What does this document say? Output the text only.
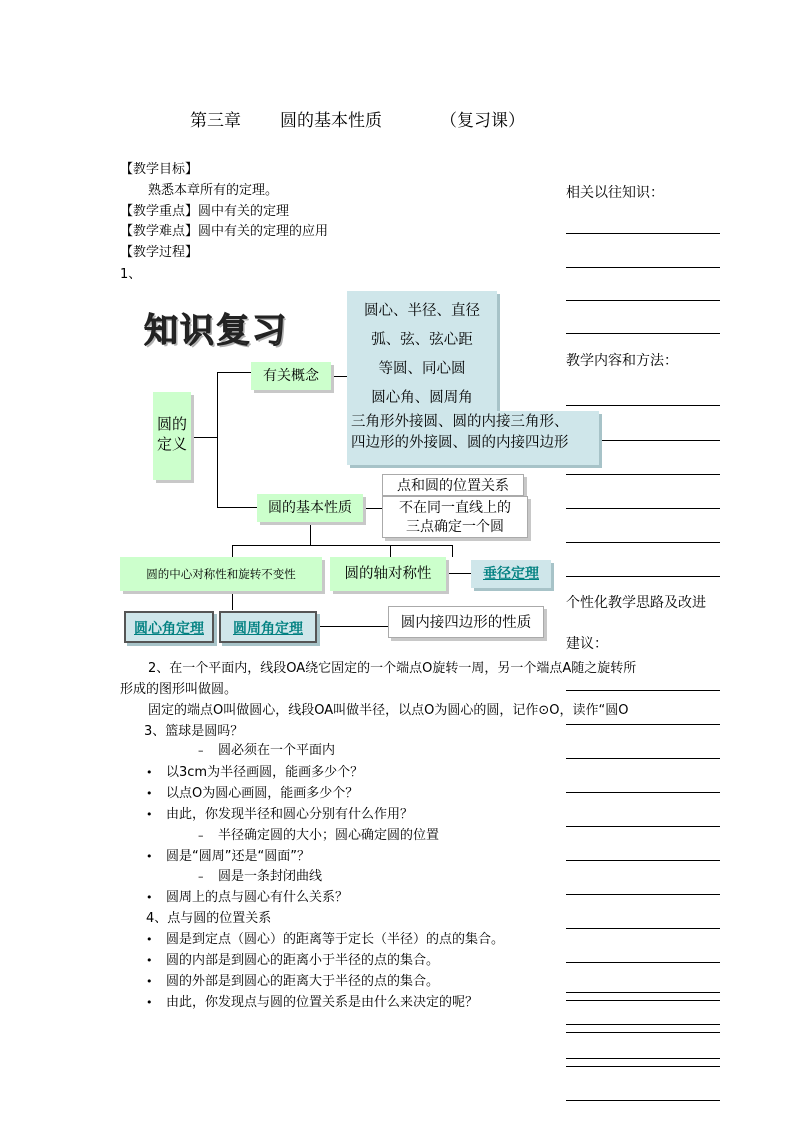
第三章 圆的基本性质	（复习课）
【教学目标】
熟悉本章所有的定理。
【教学重点】圆中有关的定理
【教学难点】圆中有关的定理的应用
【教学过程】
1、
相关以往知识：
教学内容和方法：
个性化教学思路及改进
建议：
知识复习
圆的
定义
有关概念
圆心、半径、直径
弧、弦、弦心距
等圆、同心圆
圆心角、圆周角
三角形外接圆、圆的内接三角形、
四边形的外接圆、圆的内接四边形
圆的基本性质
点和圆的位置关系
不在同一直线上的
三点确定一个圆
圆的中心对称性和旋转不变性	圆的轴对称性	垂径定理
圆心角定理	圆周角定理	圆内接四边形的性质
2、在一个平面内，线段OA绕它固定的一个端点O旋转一周，另一个端点A随之旋转所
形成的图形叫做圆。
固定的端点O叫做圆心，线段OA叫做半径，以点O为圆心的圆，记作⊙O，读作“圆O
3、篮球是圆吗？
– 圆必须在一个平面内
• 以3cm为半径画圆，能画多少个？
• 以点O为圆心画圆，能画多少个？
• 由此，你发现半径和圆心分别有什么作用？
– 半径确定圆的大小；圆心确定圆的位置
• 圆是“圆周”还是“圆面”？
– 圆是一条封闭曲线
• 圆周上的点与圆心有什么关系？
4、点与圆的位置关系
• 圆是到定点（圆心）的距离等于定长（半径）的点的集合。
• 圆的内部是到圆心的距离小于半径的点的集合。
• 圆的外部是到圆心的距离大于半径的点的集合。
• 由此，你发现点与圆的位置关系是由什么来决定的呢？
